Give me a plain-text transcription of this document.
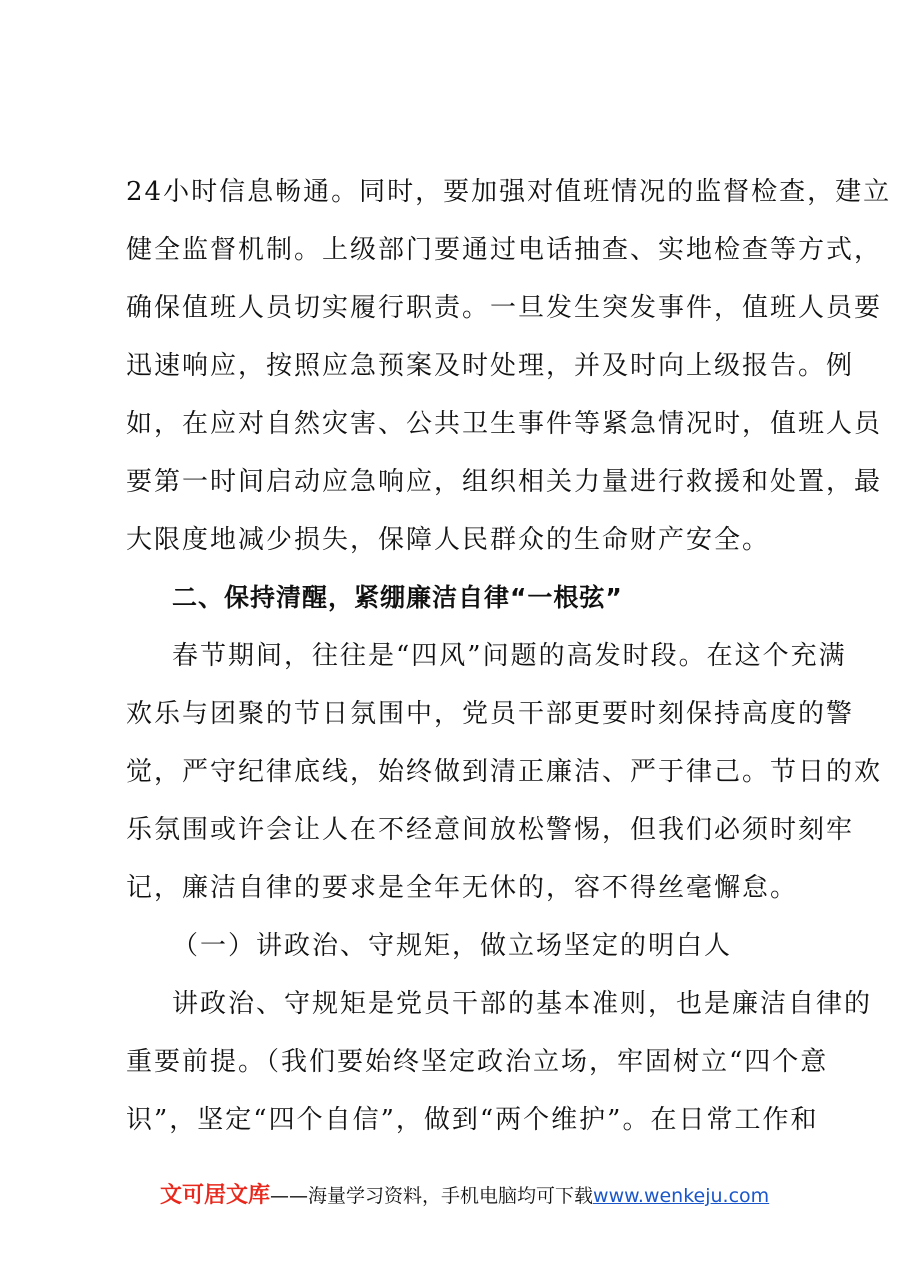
24小时信息畅通。同时，要加强对值班情况的监督检查，建立
健全监督机制。上级部门要通过电话抽查、实地检查等方式，
确保值班人员切实履行职责。一旦发生突发事件，值班人员要
迅速响应，按照应急预案及时处理，并及时向上级报告。例
如，在应对自然灾害、公共卫生事件等紧急情况时，值班人员
要第一时间启动应急响应，组织相关力量进行救援和处置，最
大限度地减少损失，保障人民群众的生命财产安全。

二、保持清醒，紧绷廉洁自律“一根弦”

春节期间，往往是“四风”问题的高发时段。在这个充满
欢乐与团聚的节日氛围中，党员干部更要时刻保持高度的警
觉，严守纪律底线，始终做到清正廉洁、严于律己。节日的欢
乐氛围或许会让人在不经意间放松警惕，但我们必须时刻牢
记，廉洁自律的要求是全年无休的，容不得丝毫懈怠。

（一）讲政治、守规矩，做立场坚定的明白人

讲政治、守规矩是党员干部的基本准则，也是廉洁自律的
重要前提。（我们要始终坚定政治立场，牢固树立“四个意
识”，坚定“四个自信”，做到“两个维护”。在日常工作和

文可居文库——海量学习资料，手机电脑均可下载www.wenkeju.com
